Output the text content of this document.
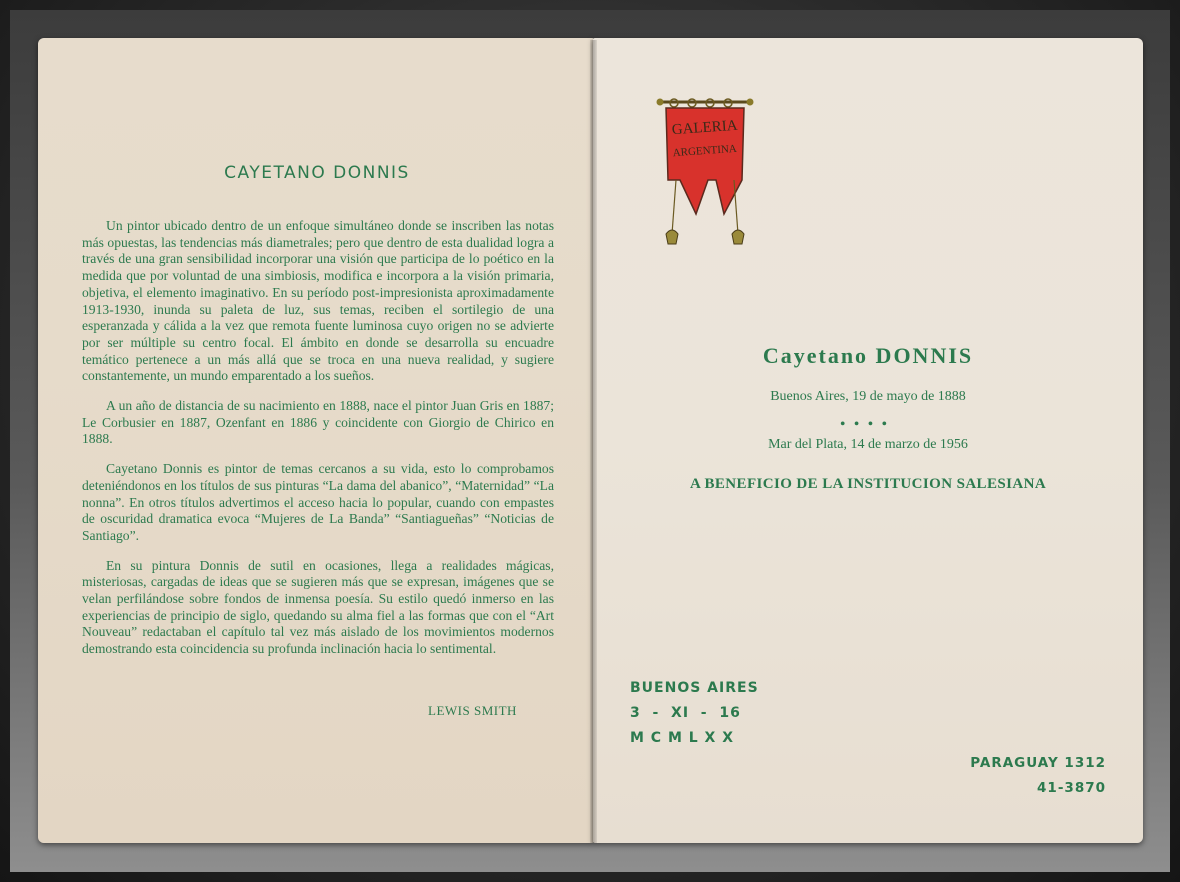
CAYETANO DONNIS

Un pintor ubicado dentro de un enfoque simultáneo donde se inscriben las notas más opuestas, las tendencias más diametrales; pero que dentro de esta dualidad logra a través de una gran sensibilidad incorporar una visión que participa de lo poético en la medida que por voluntad de una simbiosis, modifica e incorpora a la visión primaria, objetiva, el elemento imaginativo. En su período post-impresionista aproximadamente 1913-1930, inunda su paleta de luz, sus temas, reciben el sortilegio de una esperanzada y cálida a la vez que remota fuente luminosa cuyo origen no se advierte por ser múltiple su centro focal. El ámbito en donde se desarrolla su encuadre temático pertenece a un más allá que se troca en una nueva realidad, y sugiere constantemente, un mundo emparentado a los sueños.

A un año de distancia de su nacimiento en 1888, nace el pintor Juan Gris en 1887; Le Corbusier en 1887, Ozenfant en 1886 y coincidente con Giorgio de Chirico en 1888.

Cayetano Donnis es pintor de temas cercanos a su vida, esto lo comprobamos deteniéndonos en los títulos de sus pinturas “La dama del abanico”, “Maternidad” “La nonna”. En otros títulos advertimos el acceso hacia lo popular, cuando con empastes de oscuridad dramatica evoca “Mujeres de La Banda” “Santiagueñas” “Noticias de Santiago”.

En su pintura Donnis de sutil en ocasiones, llega a realidades mágicas, misteriosas, cargadas de ideas que se sugieren más que se expresan, imágenes que se velan perfilándose sobre fondos de inmensa poesía. Su estilo quedó inmerso en las experiencias de principio de siglo, quedando su alma fiel a las formas que con el “Art Nouveau” redactaban el capítulo tal vez más aislado de los movimientos modernos demostrando esta coincidencia su profunda inclinación hacia lo sentimental.

LEWIS SMITH
GALERIA
ARGENTINA
Cayetano DONNIS
Buenos Aires, 19 de mayo de 1888
••••
Mar del Plata, 14 de marzo de 1956
A BENEFICIO DE LA INSTITUCION SALESIANA
BUENOS AIRES
3  -  XI  -  16
M C M L X X
PARAGUAY 1312
41-3870
